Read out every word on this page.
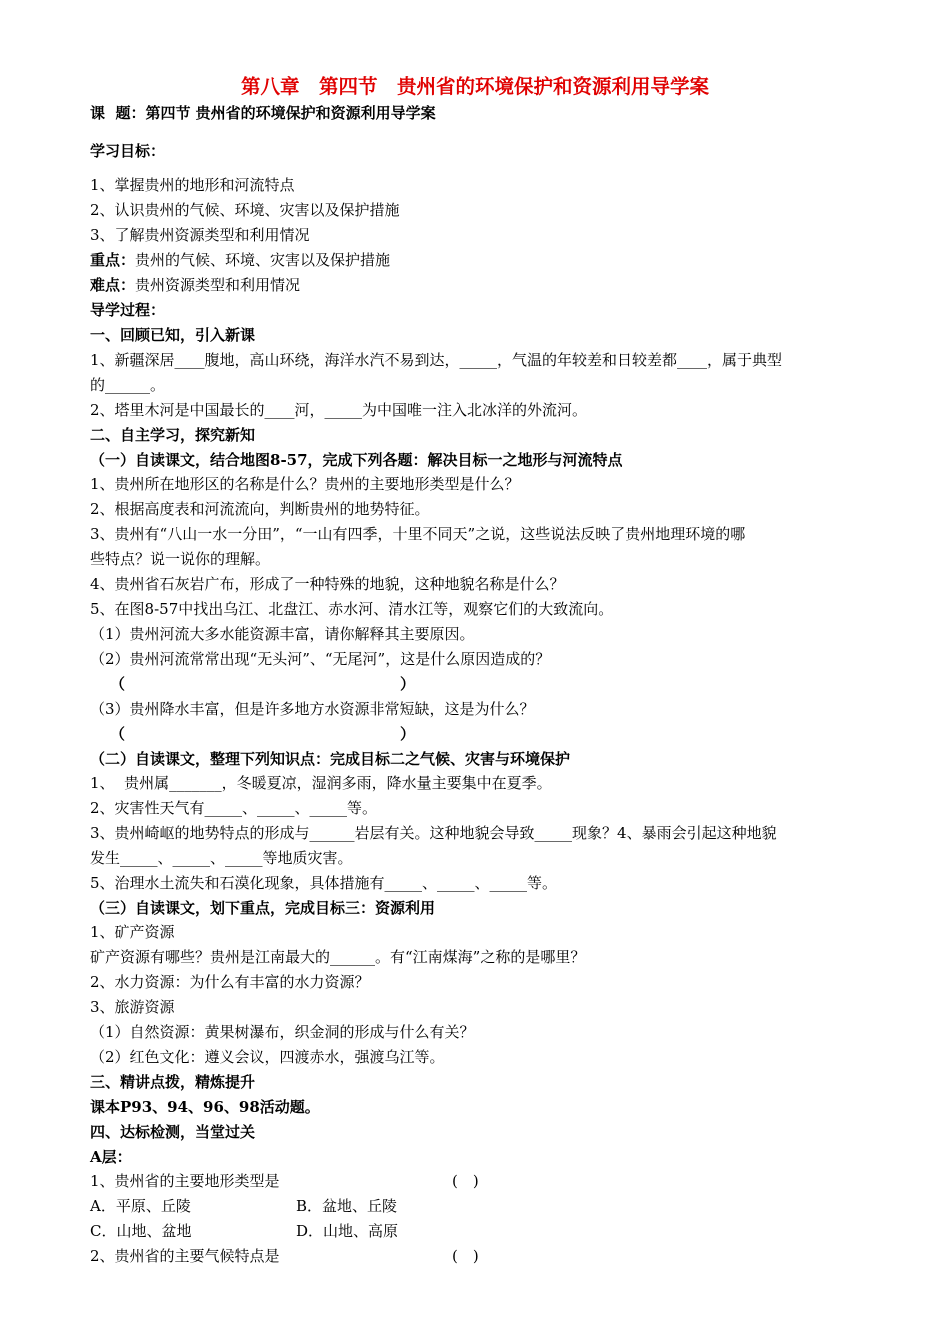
第八章　第四节　贵州省的环境保护和资源利用导学案
课  题：第四节 贵州省的环境保护和资源利用导学案
学习目标：
1、掌握贵州的地形和河流特点
2、认识贵州的气候、环境、灾害以及保护措施
3、了解贵州资源类型和利用情况
重点：贵州的气候、环境、灾害以及保护措施
难点：贵州资源类型和利用情况
导学过程：
一、回顾已知，引入新课
1、新疆深居____腹地，高山环绕，海洋水汽不易到达，_____，气温的年较差和日较差都____，属于典型
的______。
2、塔里木河是中国最长的____河，_____为中国唯一注入北冰洋的外流河。
二、自主学习，探究新知
（一）自读课文，结合地图8-57，完成下列各题：解决目标一之地形与河流特点
1、贵州所在地形区的名称是什么？贵州的主要地形类型是什么？
2、根据高度表和河流流向，判断贵州的地势特征。
3、贵州有“八山一水一分田”，“一山有四季，十里不同天”之说，这些说法反映了贵州地理环境的哪
些特点？说一说你的理解。
4、贵州省石灰岩广布，形成了一种特殊的地貌，这种地貌名称是什么？
5、在图8-57中找出乌江、北盘江、赤水河、清水江等，观察它们的大致流向。
（1）贵州河流大多水能资源丰富，请你解释其主要原因。
（2）贵州河流常常出现“无头河”、“无尾河”，这是什么原因造成的？
（	）
（3）贵州降水丰富，但是许多地方水资源非常短缺，这是为什么？
（	）
（二）自读课文，整理下列知识点：完成目标二之气候、灾害与环境保护
1、  贵州属_______，冬暖夏凉，湿润多雨，降水量主要集中在夏季。
2、灾害性天气有_____、_____、_____等。
3、贵州崎岖的地势特点的形成与______岩层有关。这种地貌会导致_____现象？4、暴雨会引起这种地貌
发生_____、_____、_____等地质灾害。
5、治理水土流失和石漠化现象，具体措施有_____、_____、_____等。
（三）自读课文，划下重点，完成目标三：资源利用
1、矿产资源
矿产资源有哪些？贵州是江南最大的______。有“江南煤海”之称的是哪里？
2、水力资源：为什么有丰富的水力资源？
3、旅游资源
（1）自然资源：黄果树瀑布，织金洞的形成与什么有关？
（2）红色文化：遵义会议，四渡赤水，强渡乌江等。
三、精讲点拨，精炼提升
课本P93、94、96、98活动题。
四、达标检测，当堂过关
A层：
1、贵州省的主要地形类型是	(　)
A．平原、丘陵	B．盆地、丘陵
C．山地、盆地	D．山地、高原
2、贵州省的主要气候特点是	(　)
